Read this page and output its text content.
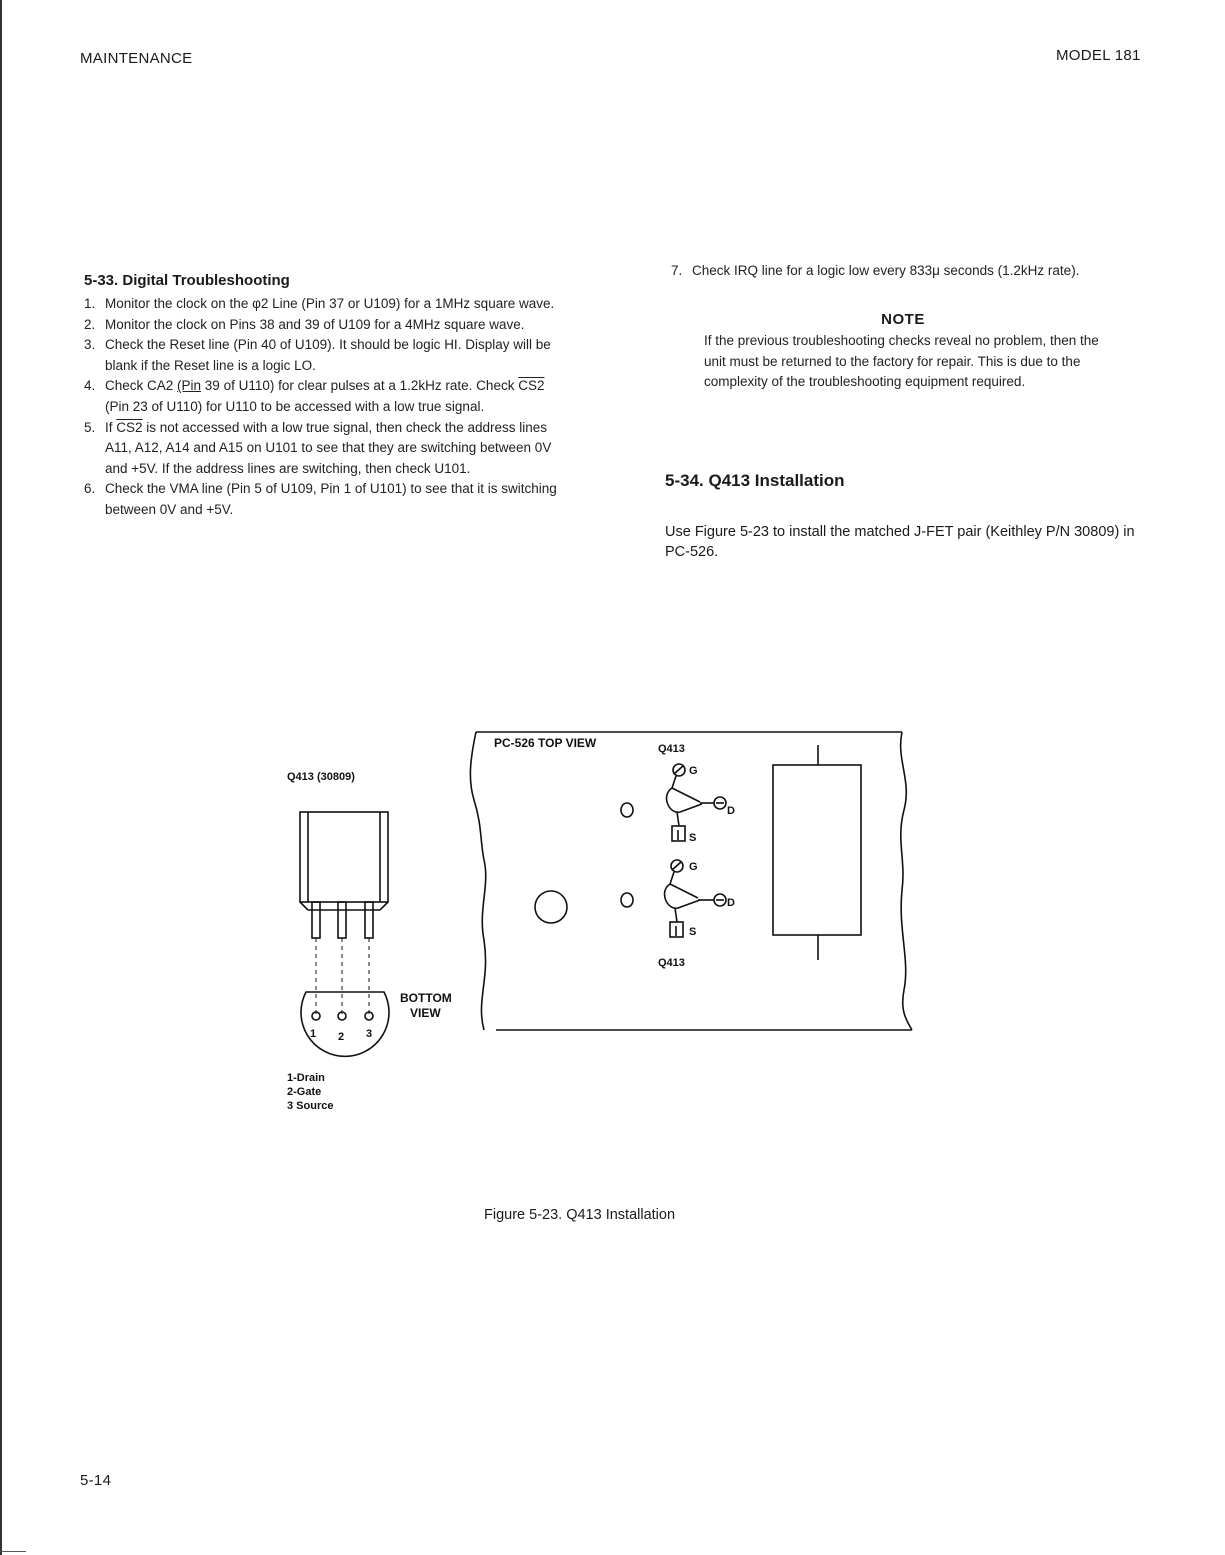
MAINTENANCE	MODEL 181
5-33. Digital Troubleshooting
1. Monitor the clock on the φ2 Line (Pin 37 or U109) for a 1MHz square wave.
2. Monitor the clock on Pins 38 and 39 of U109 for a 4MHz square wave.
3. Check the Reset line (Pin 40 of U109). It should be logic HI. Display will be blank if the Reset line is a logic LO.
4. Check CA2 (Pin 39 of U110) for clear pulses at a 1.2kHz rate. Check CS2 (Pin 23 of U110) for U110 to be accessed with a low true signal.
5. If CS2 is not accessed with a low true signal, then check the address lines A11, A12, A14 and A15 on U101 to see that they are switching between 0V and +5V. If the address lines are switching, then check U101.
6. Check the VMA line (Pin 5 of U109, Pin 1 of U101) to see that it is switching between 0V and +5V.
7. Check IRQ line for a logic low every 833μ seconds (1.2kHz rate).
NOTE
If the previous troubleshooting checks reveal no problem, then the unit must be returned to the factory for repair. This is due to the complexity of the troubleshooting equipment required.
5-34. Q413 Installation
Use Figure 5-23 to install the matched J-FET pair (Keithley P/N 30809) in PC-526.
Q413 (30809)
1 2 3
BOTTOM
VIEW
1-Drain
2-Gate
3 Source
PC-526 TOP VIEW	Q413
Q413
G
D
S
G
D
S
Figure 5-23. Q413 Installation
5-14
